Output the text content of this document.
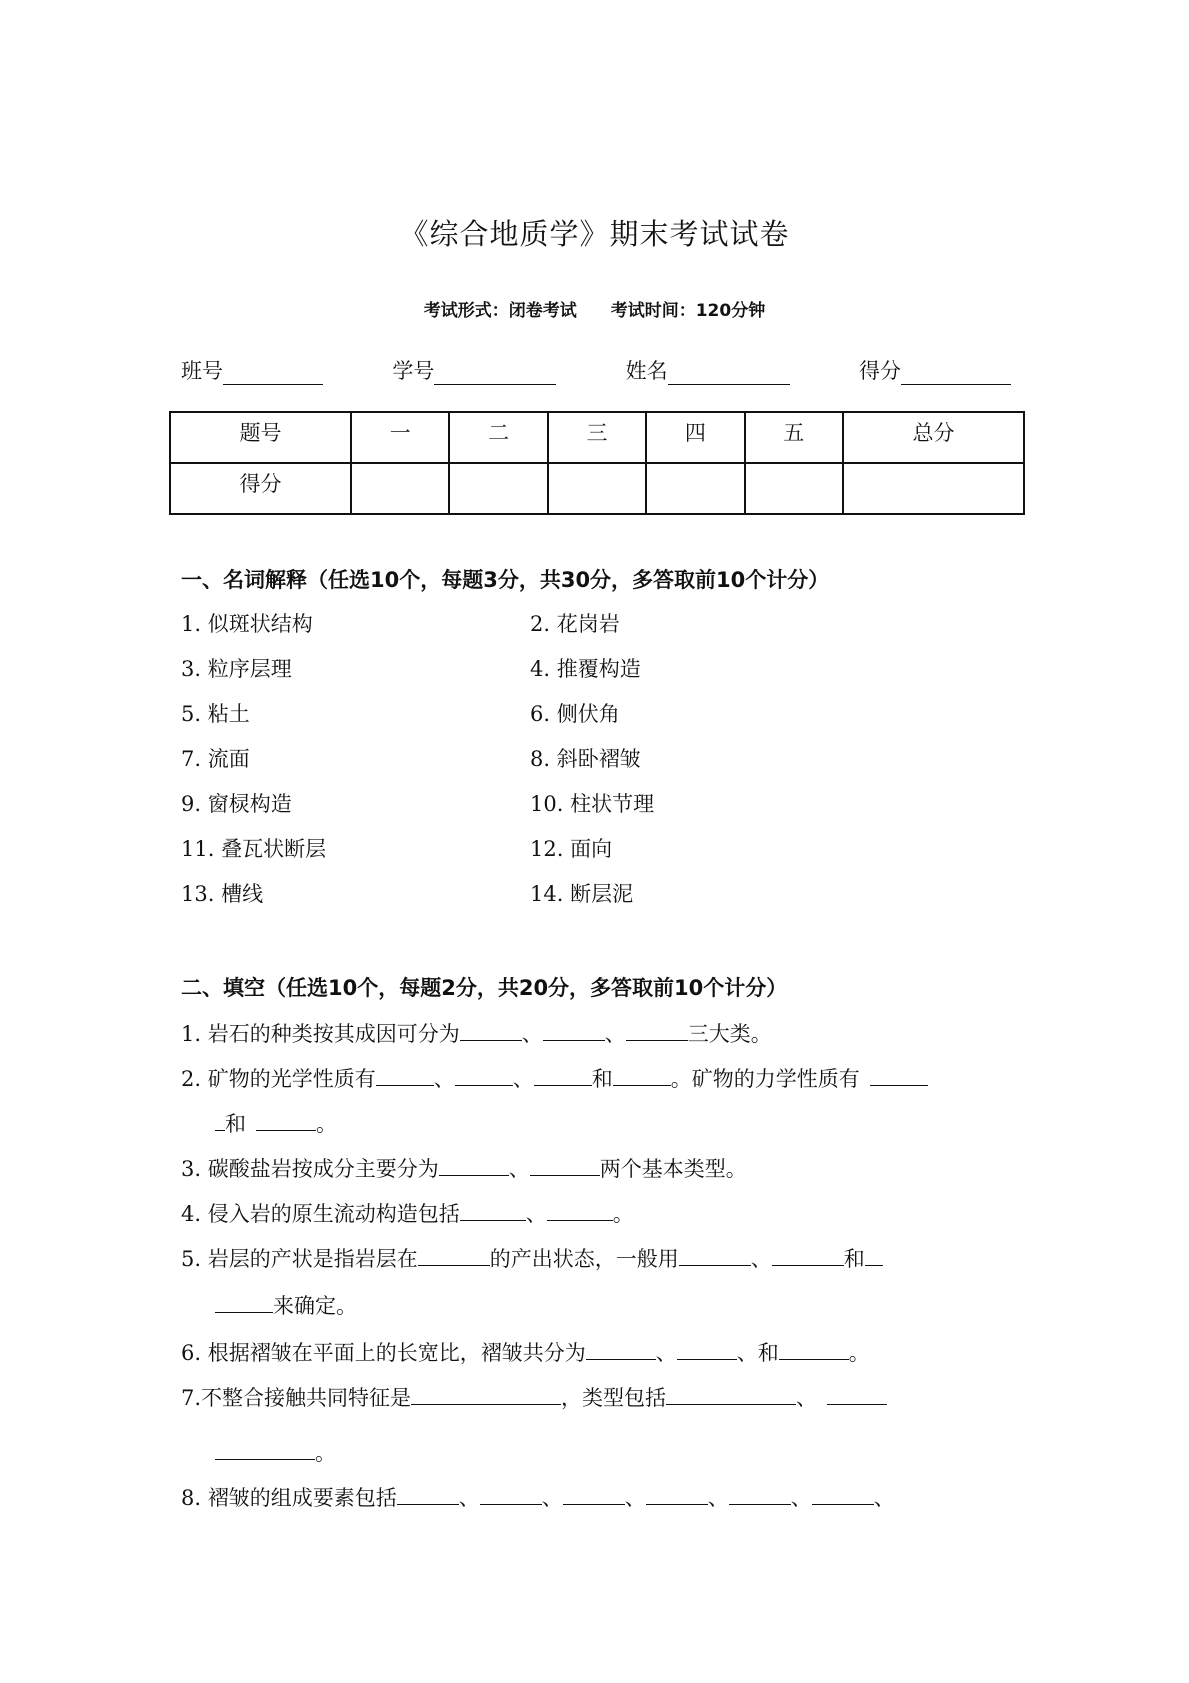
《综合地质学》期末考试试卷
考试形式：闭卷考试 考试时间：120分钟
班号	学号	姓名	得分
题号	一	二	三	四	五	总分
得分						
一、名词解释（任选10个，每题3分，共30分，多答取前10个计分）
1. 似斑状结构	2. 花岗岩
3. 粒序层理	4. 推覆构造
5. 粘土	6. 侧伏角
7. 流面	8. 斜卧褶皱
9. 窗棂构造	10. 柱状节理
11. 叠瓦状断层	12. 面向
13. 槽线	14. 断层泥
二、填空（任选10个，每题2分，共20分，多答取前10个计分）
1. 岩石的种类按其成因可分为	、	、	三大类。
2. 矿物的光学性质有	、	、	和	。矿物的力学性质有
和	。
3. 碳酸盐岩按成分主要分为	、	两个基本类型。
4. 侵入岩的原生流动构造包括	、	。
5. 岩层的产状是指岩层在	的产出状态，一般用	、	和
来确定。
6. 根据褶皱在平面上的长宽比，褶皱共分为	、	、和	。
7.不整合接触共同特征是	，类型包括	、
。
8. 褶皱的组成要素包括	、	、	、	、	、	、
